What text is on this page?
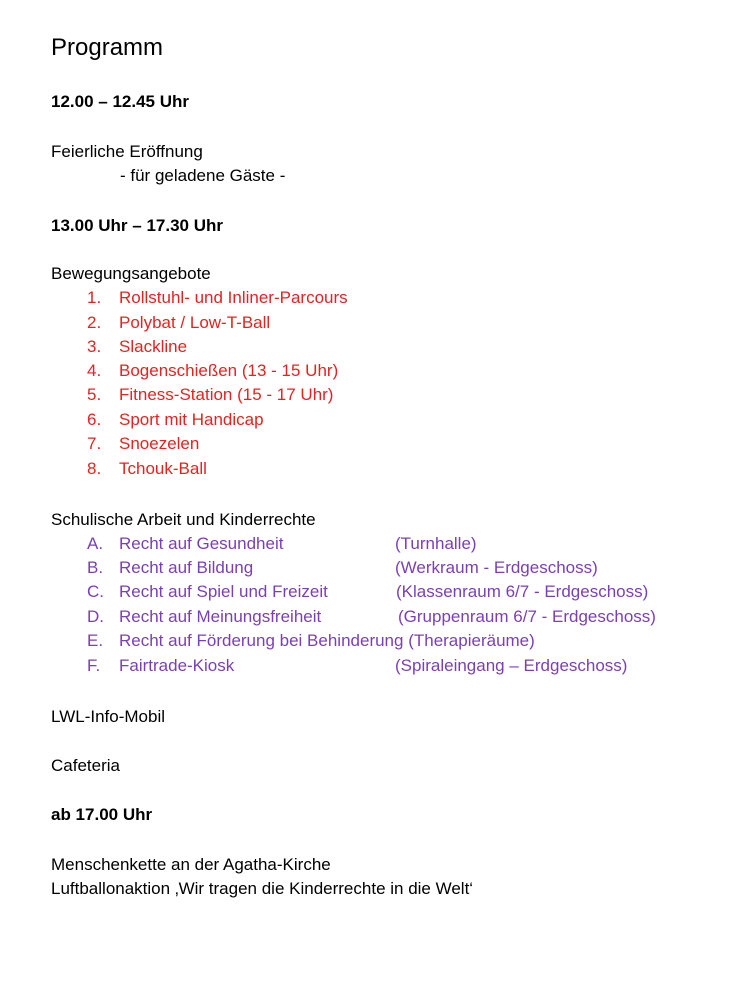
Programm
12.00 – 12.45 Uhr
Feierliche Eröffnung
- für geladene Gäste -
13.00 Uhr – 17.30 Uhr
Bewegungsangebote
1. Rollstuhl- und Inliner-Parcours
2. Polybat / Low-T-Ball
3. Slackline
4. Bogenschießen (13 - 15 Uhr)
5. Fitness-Station (15 - 17 Uhr)
6. Sport mit Handicap
7. Snoezelen
8. Tchouk-Ball
Schulische Arbeit und Kinderrechte
A. Recht auf Gesundheit	(Turnhalle)
B. Recht auf Bildung	(Werkraum - Erdgeschoss)
C. Recht auf Spiel und Freizeit	(Klassenraum 6/7 - Erdgeschoss)
D. Recht auf Meinungsfreiheit	(Gruppenraum 6/7 - Erdgeschoss)
E. Recht auf Förderung bei Behinderung (Therapieräume)
F. Fairtrade-Kiosk	(Spiraleingang – Erdgeschoss)
LWL-Info-Mobil
Cafeteria
ab 17.00 Uhr
Menschenkette an der Agatha-Kirche
Luftballonaktion ‚Wir tragen die Kinderrechte in die Welt‘
